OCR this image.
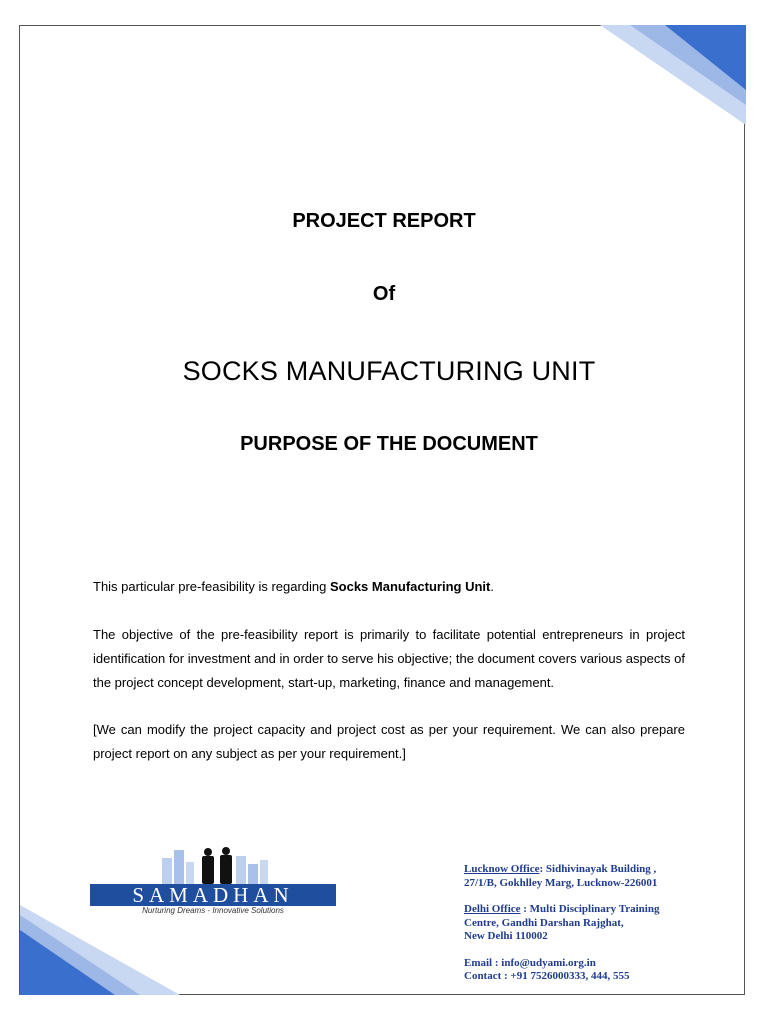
PROJECT REPORT
Of
SOCKS MANUFACTURING UNIT
PURPOSE OF THE DOCUMENT
This particular pre-feasibility is regarding Socks Manufacturing Unit.
The objective of the pre-feasibility report is primarily to facilitate potential entrepreneurs in project identification for investment and in order to serve his objective; the document covers various aspects of the project concept development, start-up, marketing, finance and management.
[We can modify the project capacity and project cost as per your requirement. We can also prepare project report on any subject as per your requirement.]
SAMADHAN
Nurturing Dreams - Innovative Solutions
Lucknow Office: Sidhivinayak Building ,
27/1/B, Gokhlley Marg, Lucknow-226001
Delhi Office : Multi Disciplinary Training
Centre, Gandhi Darshan Rajghat,
New Delhi 110002
Email : info@udyami.org.in
Contact : +91 7526000333, 444, 555
